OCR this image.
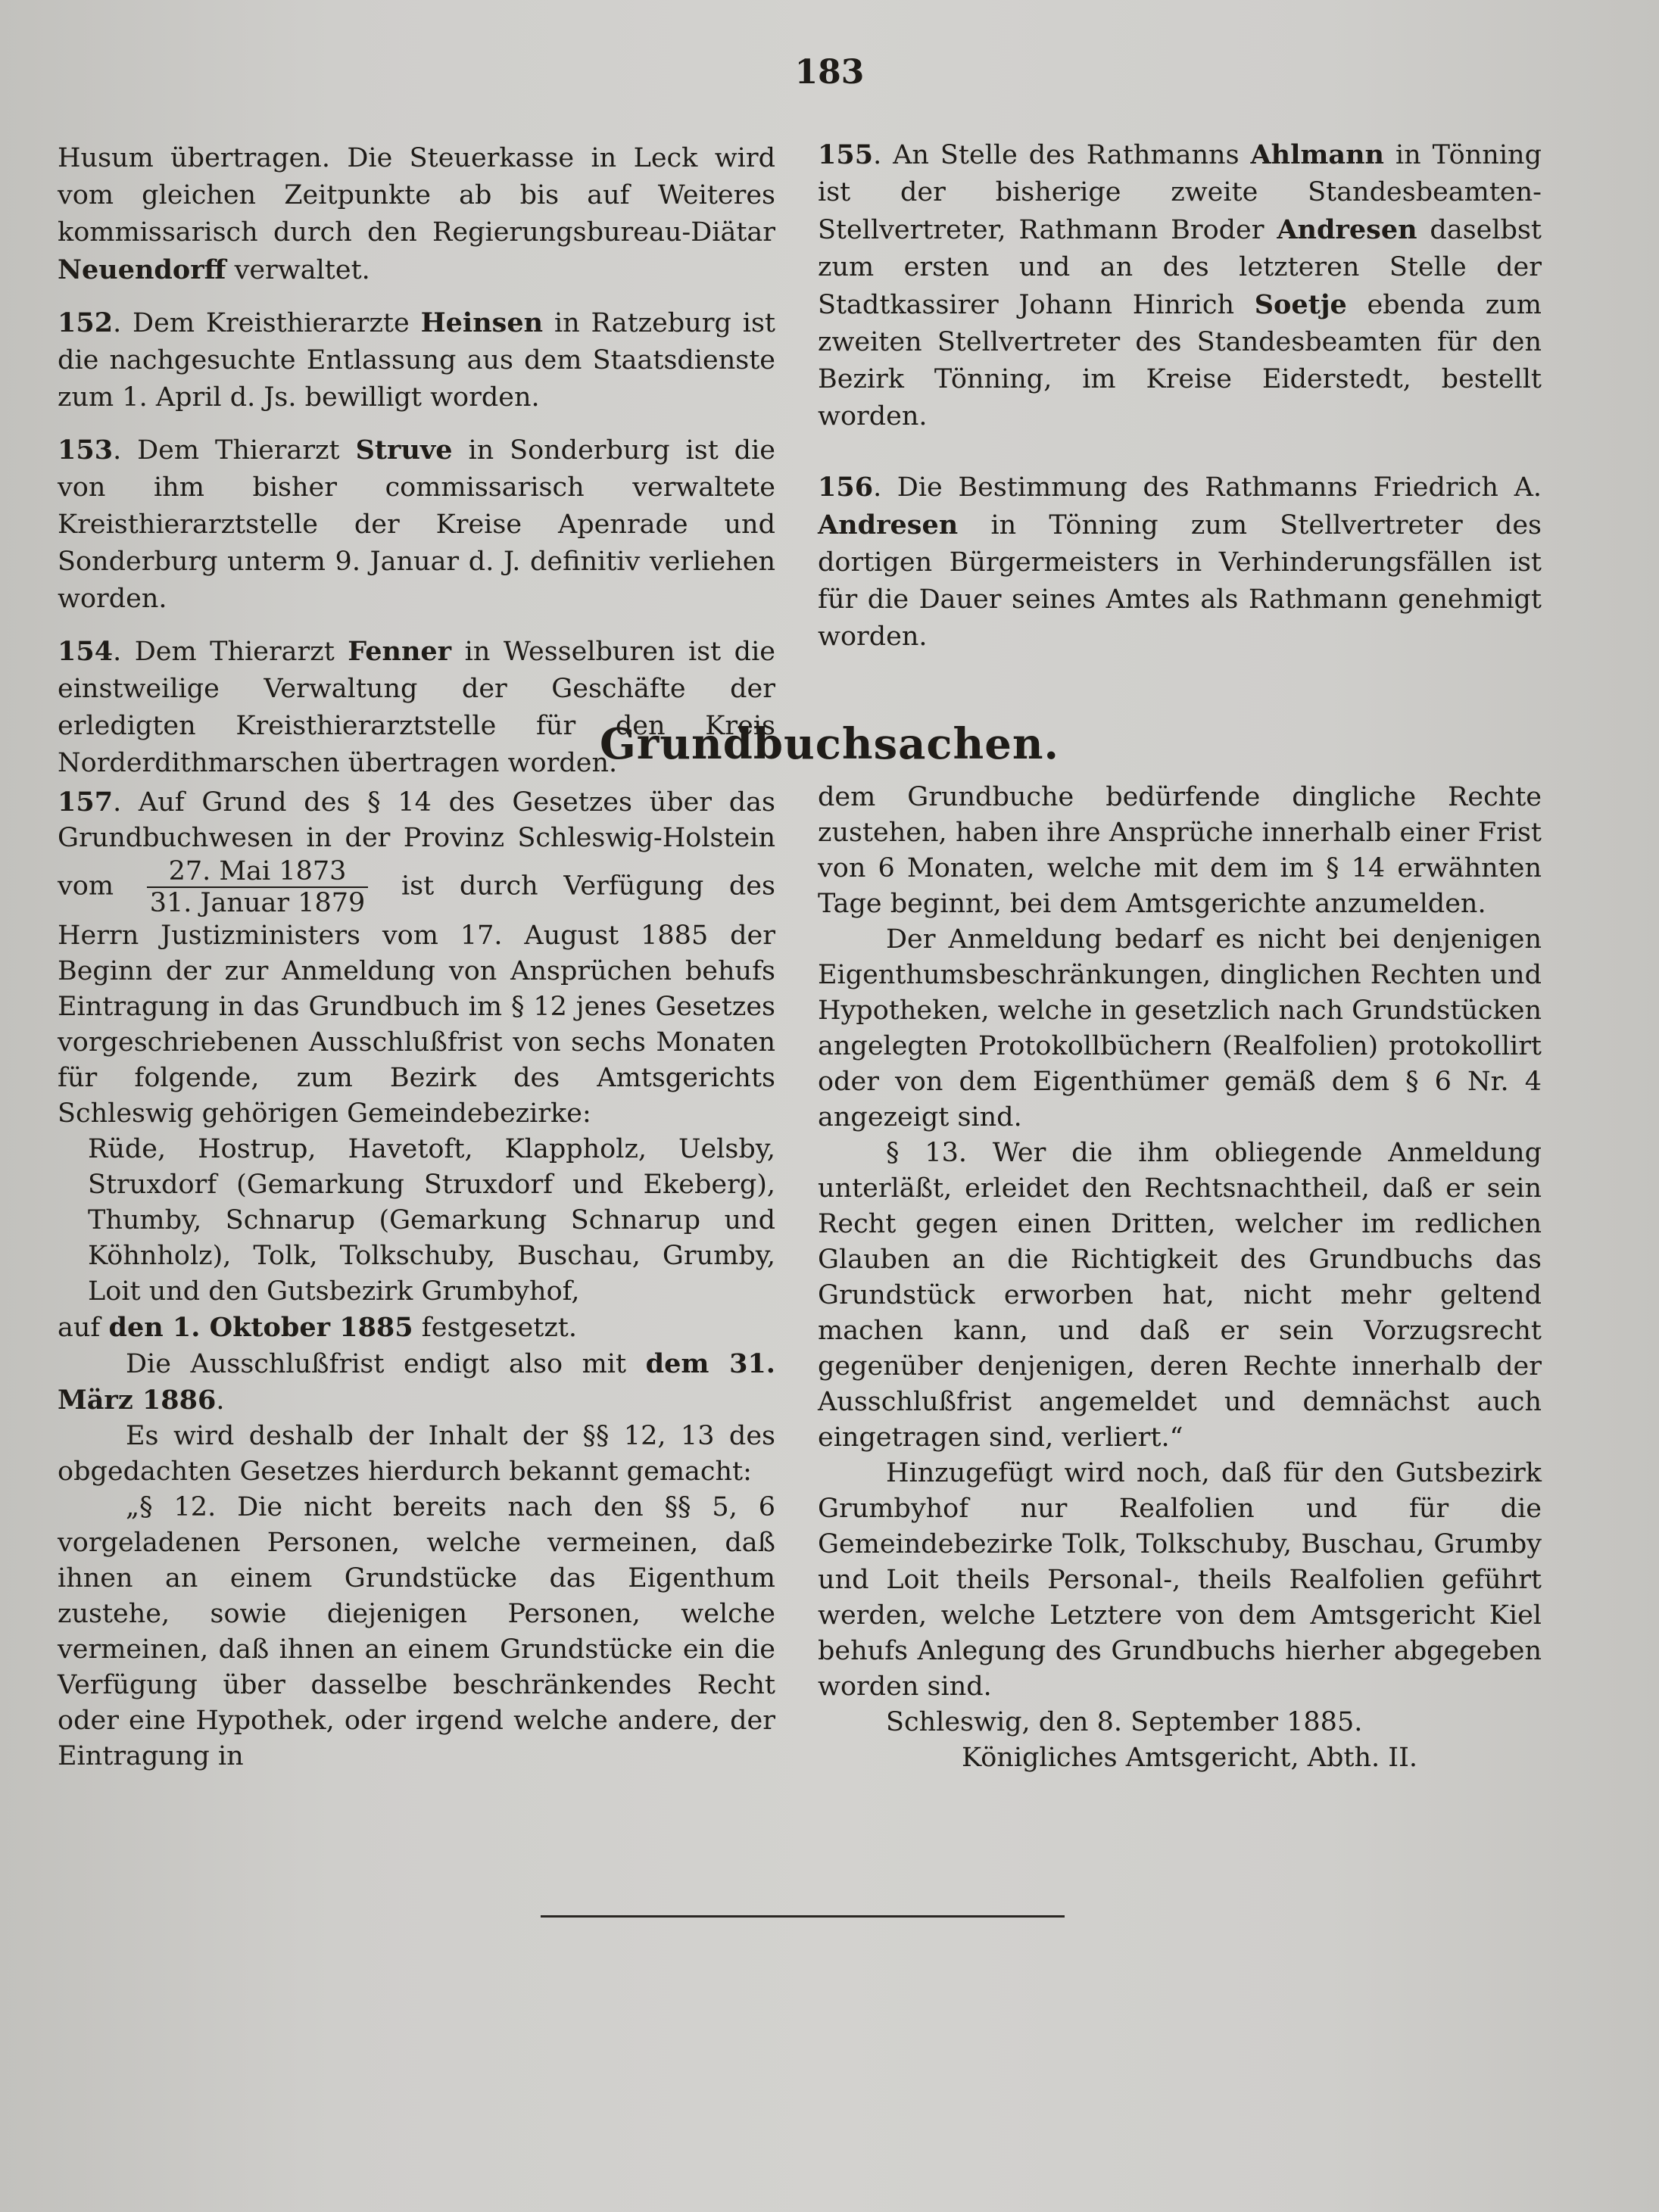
183

Husum übertragen. Die Steuerkasse in Leck wird vom gleichen Zeitpunkte ab bis auf Weiteres kommissarisch durch den Regierungsbureau-Diätar Neuendorff verwaltet.

152. Dem Kreisthierarzte Heinsen in Ratzeburg ist die nachgesuchte Entlassung aus dem Staatsdienste zum 1. April d. Js. bewilligt worden.

153. Dem Thierarzt Struve in Sonderburg ist die von ihm bisher commissarisch verwaltete Kreisthierarztstelle der Kreise Apenrade und Sonderburg unterm 9. Januar d. J. definitiv verliehen worden.

154. Dem Thierarzt Fenner in Wesselburen ist die einstweilige Verwaltung der Geschäfte der erledigten Kreisthierarztstelle für den Kreis Norderdithmarschen übertragen worden.

155. An Stelle des Rathmanns Ahlmann in Tönning ist der bisherige zweite Standesbeamten-Stellvertreter, Rathmann Broder Andresen daselbst zum ersten und an des letzteren Stelle der Stadtkassirer Johann Hinrich Soetje ebenda zum zweiten Stellvertreter des Standesbeamten für den Bezirk Tönning, im Kreise Eiderstedt, bestellt worden.

156. Die Bestimmung des Rathmanns Friedrich A. Andresen in Tönning zum Stellvertreter des dortigen Bürgermeisters in Verhinderungsfällen ist für die Dauer seines Amtes als Rathmann genehmigt worden.

Grundbuchsachen.

157. Auf Grund des § 14 des Gesetzes über das Grundbuchwesen in der Provinz Schleswig-Holstein vom $\frac{\text{27. Mai 1873}}{\text{31. Januar 1879}}$ ist durch Verfügung des Herrn Justizministers vom 17. August 1885 der Beginn der zur Anmeldung von Ansprüchen behufs Eintragung in das Grundbuch im § 12 jenes Gesetzes vorgeschriebenen Ausschlußfrist von sechs Monaten für folgende, zum Bezirk des Amtsgerichts Schleswig gehörigen Gemeindebezirke:

Rüde, Hostrup, Havetoft, Klappholz, Uelsby, Struxdorf (Gemarkung Struxdorf und Ekeberg), Thumby, Schnarup (Gemarkung Schnarup und Köhnholz), Tolk, Tolkschuby, Buschau, Grumby, Loit und den Gutsbezirk Grumbyhof,

auf den 1. Oktober 1885 festgesetzt.

Die Ausschlußfrist endigt also mit dem 31. März 1886.

Es wird deshalb der Inhalt der §§ 12, 13 des obgedachten Gesetzes hierdurch bekannt gemacht:

„§ 12. Die nicht bereits nach den §§ 5, 6 vorgeladenen Personen, welche vermeinen, daß ihnen an einem Grundstücke das Eigenthum zustehe, sowie diejenigen Personen, welche vermeinen, daß ihnen an einem Grundstücke ein die Verfügung über dasselbe beschränkendes Recht oder eine Hypothek, oder irgend welche andere, der Eintragung in

dem Grundbuche bedürfende dingliche Rechte zustehen, haben ihre Ansprüche innerhalb einer Frist von 6 Monaten, welche mit dem im § 14 erwähnten Tage beginnt, bei dem Amtsgerichte anzumelden.

Der Anmeldung bedarf es nicht bei denjenigen Eigenthumsbeschränkungen, dinglichen Rechten und Hypotheken, welche in gesetzlich nach Grundstücken angelegten Protokollbüchern (Realfolien) protokollirt oder von dem Eigenthümer gemäß dem § 6 Nr. 4 angezeigt sind.

§ 13. Wer die ihm obliegende Anmeldung unterläßt, erleidet den Rechtsnachtheil, daß er sein Recht gegen einen Dritten, welcher im redlichen Glauben an die Richtigkeit des Grundbuchs das Grundstück erworben hat, nicht mehr geltend machen kann, und daß er sein Vorzugsrecht gegenüber denjenigen, deren Rechte innerhalb der Ausschlußfrist angemeldet und demnächst auch eingetragen sind, verliert.“

Hinzugefügt wird noch, daß für den Gutsbezirk Grumbyhof nur Realfolien und für die Gemeindebezirke Tolk, Tolkschuby, Buschau, Grumby und Loit theils Personal-, theils Realfolien geführt werden, welche Letztere von dem Amtsgericht Kiel behufs Anlegung des Grundbuchs hierher abgegeben worden sind.

Schleswig, den 8. September 1885.

Königliches Amtsgericht, Abth. II.
